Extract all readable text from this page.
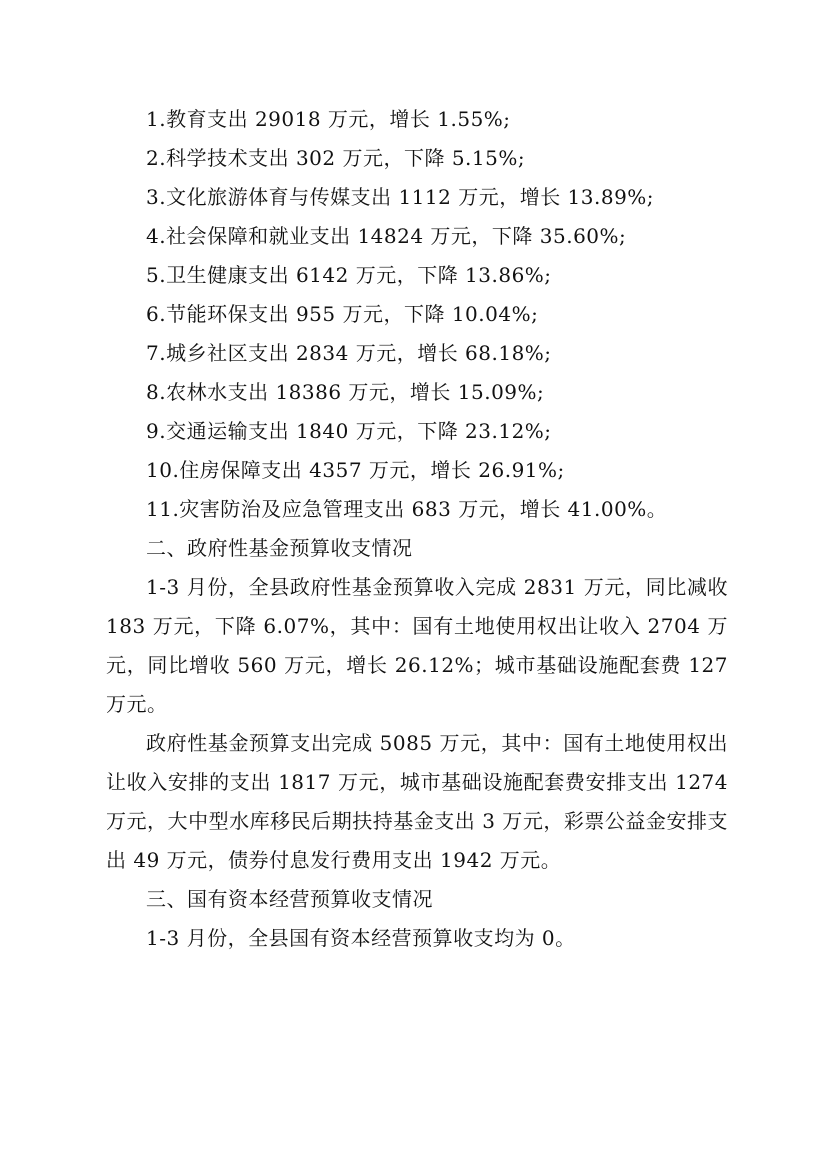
1.教育支出 29018 万元，增长 1.55%;
2.科学技术支出 302 万元，下降 5.15%;
3.文化旅游体育与传媒支出 1112 万元，增长 13.89%;
4.社会保障和就业支出 14824 万元，下降 35.60%;
5.卫生健康支出 6142 万元，下降 13.86%;
6.节能环保支出 955 万元，下降 10.04%;
7.城乡社区支出 2834 万元，增长 68.18%;
8.农林水支出 18386 万元，增长 15.09%;
9.交通运输支出 1840 万元，下降 23.12%;
10.住房保障支出 4357 万元，增长 26.91%;
11.灾害防治及应急管理支出 683 万元，增长 41.00%。
二、政府性基金预算收支情况

1-3 月份，全县政府性基金预算收入完成 2831 万元，同比减收 183 万元，下降 6.07%，其中：国有土地使用权出让收入 2704 万元，同比增收 560 万元，增长 26.12%；城市基础设施配套费 127 万元。

政府性基金预算支出完成 5085 万元，其中：国有土地使用权出让收入安排的支出 1817 万元，城市基础设施配套费安排支出 1274 万元，大中型水库移民后期扶持基金支出 3 万元，彩票公益金安排支出 49 万元，债券付息发行费用支出 1942 万元。

三、国有资本经营预算收支情况

1-3 月份，全县国有资本经营预算收支均为 0。
